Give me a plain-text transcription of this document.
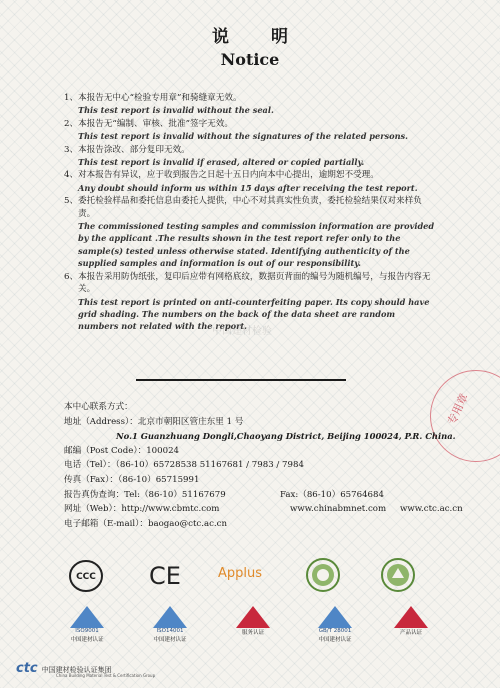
说 明
Notice
1、本报告无中心“检验专用章”和骑缝章无效。
This test report is invalid without the seal.
2、本报告无“编制、审核、批准”签字无效。
This test report is invalid without the signatures of the related persons.
3、本报告涂改、部分复印无效。
This test report is invalid if erased, altered or copied partially.
4、对本报告有异议，应于收到报告之日起十五日内向本中心提出，逾期恕不受理。
Any doubt should inform us within 15 days after receiving the test report.
5、委托检验样品和委托信息由委托人提供，中心不对其真实性负责，委托检验结果仅对来样负责。
The commissioned testing samples and commission information are provided by the applicant .The results shown in the test report refer only to the sample(s) tested unless otherwise stated. Identifying authenticity of the supplied samples and information is out of our responsibility.
6、本报告采用防伪纸张，复印后应带有网格底纹，数据页背面的编号为随机编号，与报告内容无关。
This test report is printed on anti-counterfeiting paper. Its copy should have grid shading. The numbers on the back of the data sheet are random numbers not related with the report.
中国建材检验
专用章
本中心联系方式：
地址（Address）：北京市朝阳区管庄东里 1 号
No.1 Guanzhuang Dongli,Chaoyang District, Beijing 100024, P.R. China.
邮编（Post Code）：100024
电话（Tel）：（86-10）65728538 51167681 / 7983 / 7984
传真（Fax）：（86-10）65715991
报告真伪查询：Tel:（86-10）51167679	Fax:（86-10）65764684
网址（Web）：http://www.cbmtc.com	www.chinabmnet.com www.ctc.ac.cn
电子邮箱（E-mail）：baogao@ctc.ac.cn
CCC CE	Applus
ISO9001
中国建材认证
ISO14001
中国建材认证
服务认证	GB/T 28001
中国建材认证
产品认证
ctc 中国建材检验认证集团
China Building Material Test & Certification Group
